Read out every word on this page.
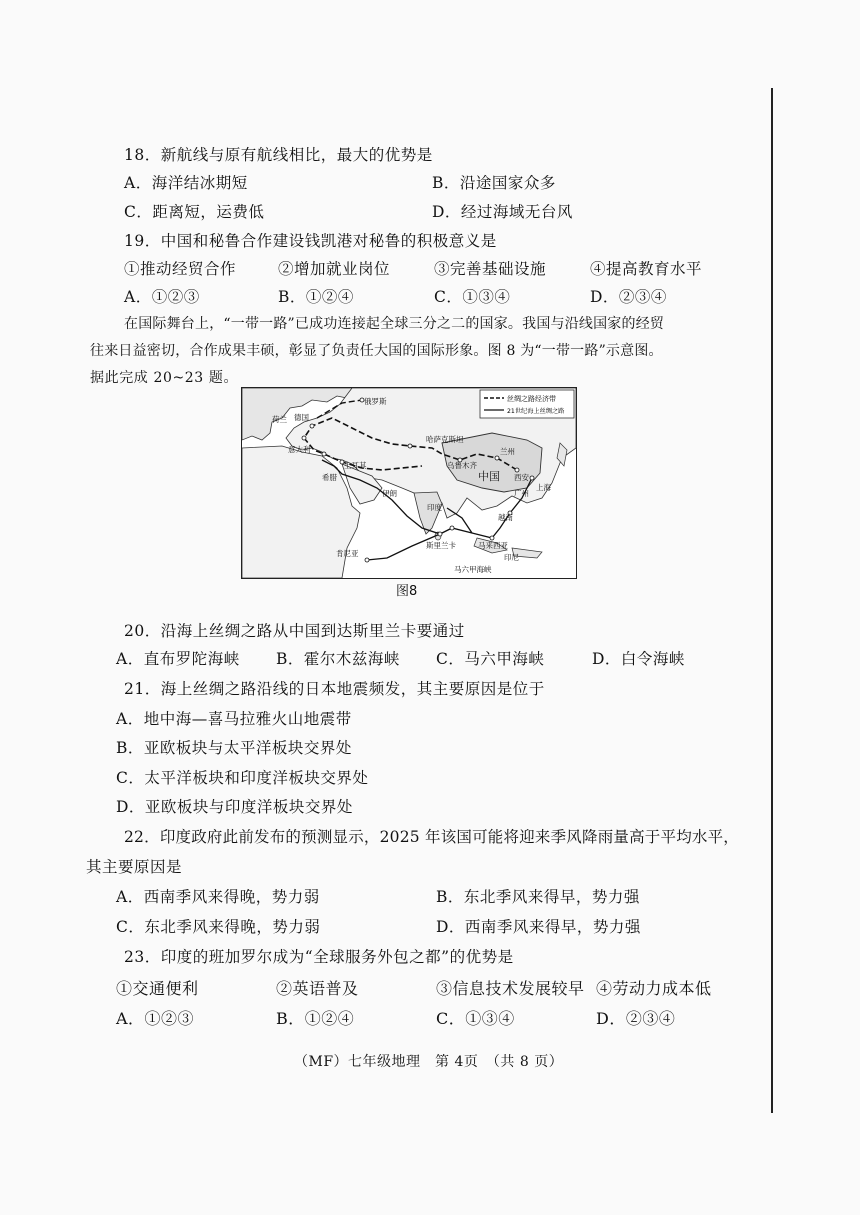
18．新航线与原有航线相比，最大的优势是
A．海洋结冰期短	B．沿途国家众多
C．距离短，运费低	D．经过海域无台风
19．中国和秘鲁合作建设钱凯港对秘鲁的积极意义是
①推动经贸合作	②增加就业岗位	③完善基础设施	④提高教育水平
A．①②③	B．①②④	C．①③④	D．②③④
在国际舞台上，“一带一路”已成功连接起全球三分之二的国家。我国与沿线国家的经贸
往来日益密切，合作成果丰硕，彰显了负责任大国的国际形象。图 8 为“一带一路”示意图。
据此完成 20~23 题。
丝绸之路经济带
21世纪海上丝绸之路
德国
俄罗斯
荷兰
哈萨克斯坦
兰州
乌鲁木齐
意大利
土耳其
希腊	中国 西安
上海
广州
伊朗
印度
越南
斯里兰卡	马来西亚
印尼
肯尼亚
马六甲海峡
图8
20．沿海上丝绸之路从中国到达斯里兰卡要通过
A．直布罗陀海峡 B．霍尔木兹海峡 C．马六甲海峡	D．白令海峡
21．海上丝绸之路沿线的日本地震频发，其主要原因是位于
A．地中海—喜马拉雅火山地震带
B．亚欧板块与太平洋板块交界处
C．太平洋板块和印度洋板块交界处
D．亚欧板块与印度洋板块交界处
22．印度政府此前发布的预测显示，2025 年该国可能将迎来季风降雨量高于平均水平，
其主要原因是
A．西南季风来得晚，势力弱	B．东北季风来得早，势力强
C．东北季风来得晚，势力弱	D．西南季风来得早，势力强
23．印度的班加罗尔成为“全球服务外包之都”的优势是
①交通便利	②英语普及	③信息技术发展较早 ④劳动力成本低
A．①②③	B．①②④	C．①③④	D．②③④
（MF）七年级地理　第 4页　（共 8 页）
